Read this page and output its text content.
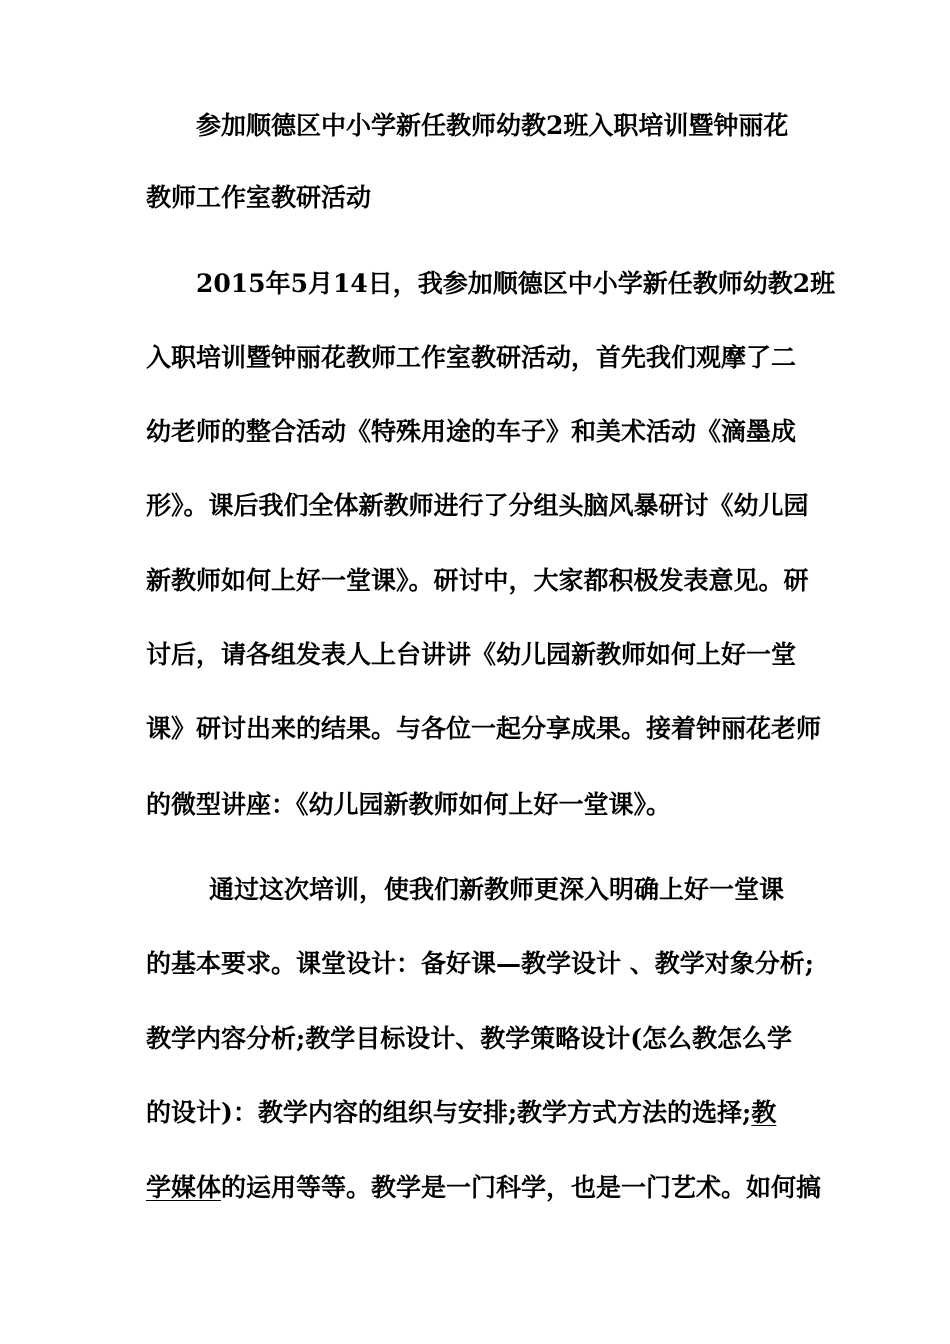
参加顺德区中小学新任教师幼教2班入职培训暨钟丽花
教师工作室教研活动
2015年5月14日，我参加顺德区中小学新任教师幼教2班
入职培训暨钟丽花教师工作室教研活动，首先我们观摩了二
幼老师的整合活动《特殊用途的车子》和美术活动《滴墨成
形》。课后我们全体新教师进行了分组头脑风暴研讨《幼儿园
新教师如何上好一堂课》。研讨中，大家都积极发表意见。研
讨后，请各组发表人上台讲讲《幼儿园新教师如何上好一堂
课》研讨出来的结果。与各位一起分享成果。接着钟丽花老师
的微型讲座：《幼儿园新教师如何上好一堂课》。
通过这次培训，使我们新教师更深入明确上好一堂课
的基本要求。课堂设计：备好课—教学设计 、教学对象分析;
教学内容分析;教学目标设计、教学策略设计(怎么教怎么学
的设计)：教学内容的组织与安排;教学方式方法的选择;教
学媒体的运用等等。教学是一门科学，也是一门艺术。如何搞
